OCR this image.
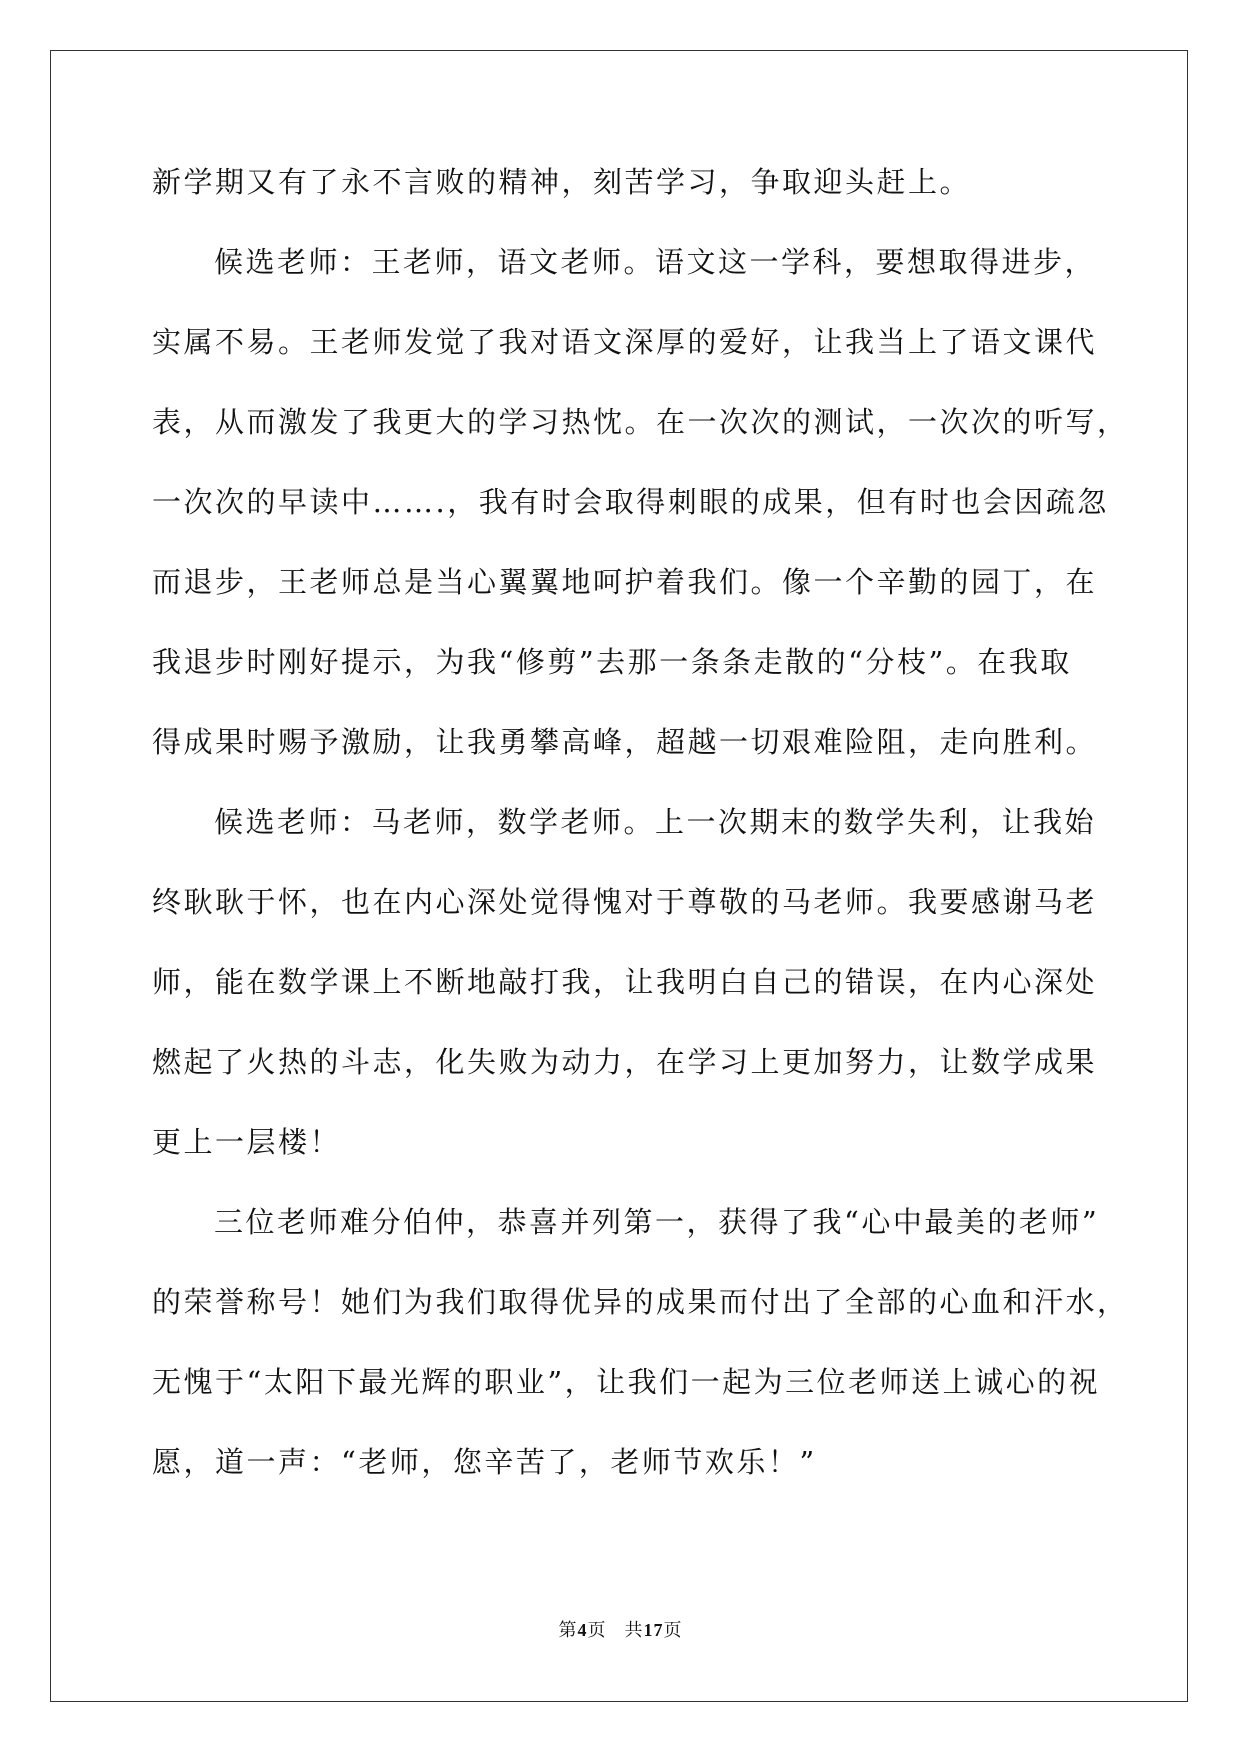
新学期又有了永不言败的精神，刻苦学习，争取迎头赶上。
候选老师：王老师，语文老师。语文这一学科，要想取得进步，
实属不易。王老师发觉了我对语文深厚的爱好，让我当上了语文课代
表，从而激发了我更大的学习热忱。在一次次的测试，一次次的听写，
一次次的早读中…….，我有时会取得刺眼的成果，但有时也会因疏忽
而退步，王老师总是当心翼翼地呵护着我们。像一个辛勤的园丁，在
我退步时刚好提示，为我“修剪”去那一条条走散的“分枝”。在我取
得成果时赐予激励，让我勇攀高峰，超越一切艰难险阻，走向胜利。
候选老师：马老师，数学老师。上一次期末的数学失利，让我始
终耿耿于怀，也在内心深处觉得愧对于尊敬的马老师。我要感谢马老
师，能在数学课上不断地敲打我，让我明白自己的错误，在内心深处
燃起了火热的斗志，化失败为动力，在学习上更加努力，让数学成果
更上一层楼！
三位老师难分伯仲，恭喜并列第一，获得了我“心中最美的老师”
的荣誉称号！她们为我们取得优异的成果而付出了全部的心血和汗水，
无愧于“太阳下最光辉的职业”，让我们一起为三位老师送上诚心的祝
愿，道一声：“老师，您辛苦了，老师节欢乐！”
第4页 共17页
